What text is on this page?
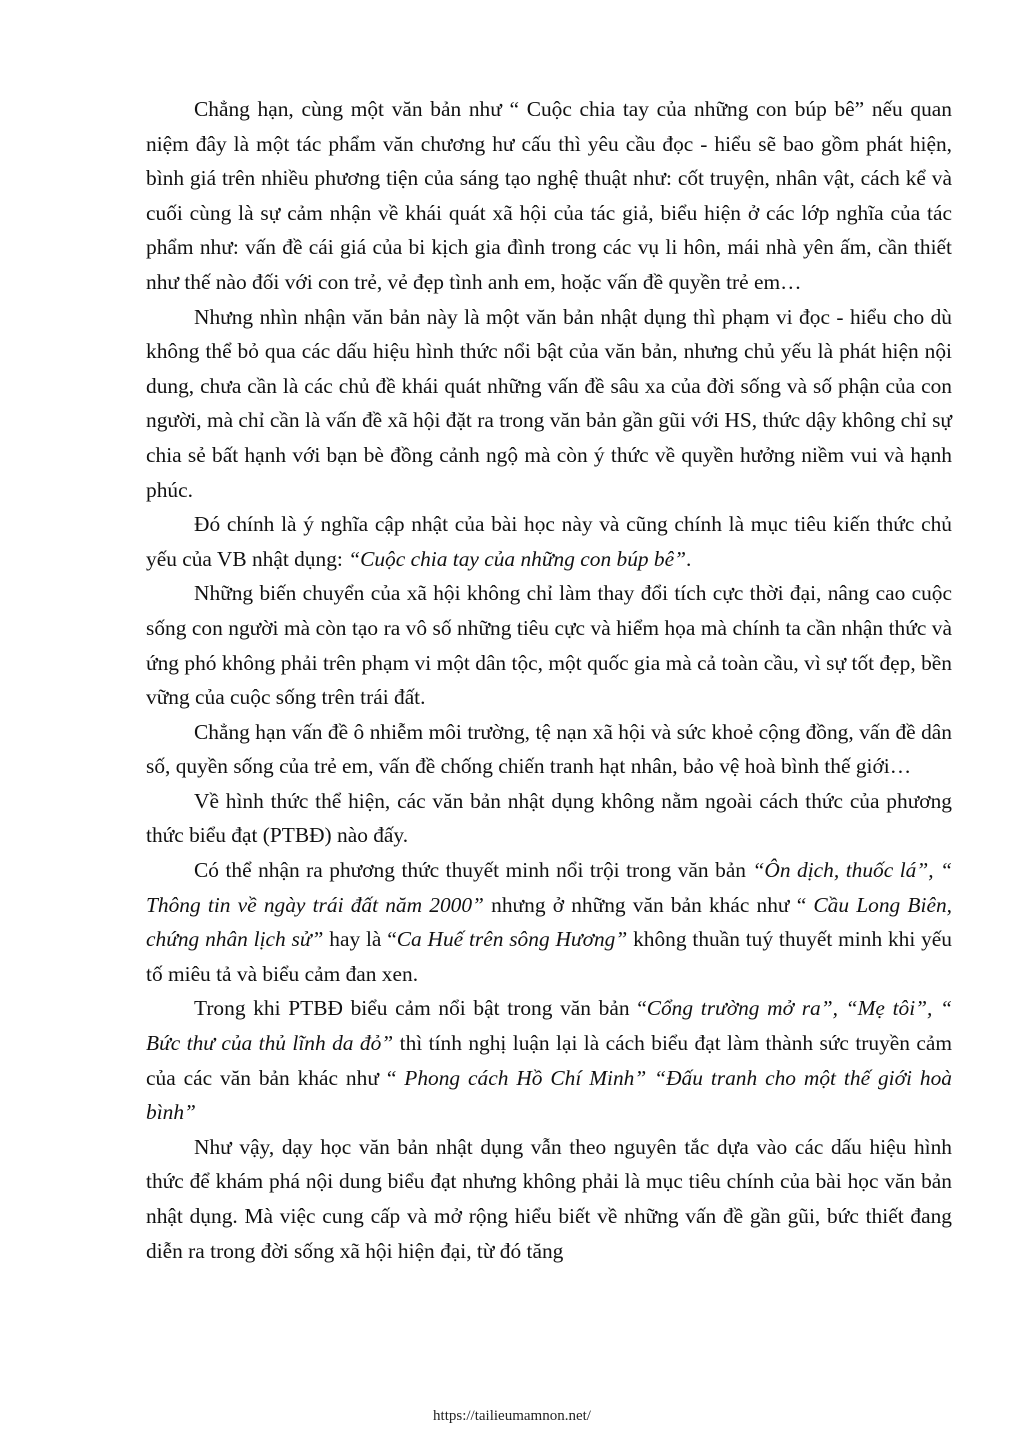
Chẳng hạn, cùng một văn bản như “ Cuộc chia tay của những con búp bê” nếu quan niệm đây là một tác phẩm văn chương hư cấu thì yêu cầu đọc - hiểu sẽ bao gồm phát hiện, bình giá trên nhiều phương tiện của sáng tạo nghệ thuật như: cốt truyện, nhân vật, cách kể và cuối cùng là sự cảm nhận về khái quát xã hội của tác giả, biểu hiện ở các lớp nghĩa của tác phẩm như: vấn đề cái giá của bi kịch gia đình trong các vụ li hôn, mái nhà yên ấm, cần thiết như thế nào đối với con trẻ, vẻ đẹp tình anh em, hoặc vấn đề quyền trẻ em…

Nhưng nhìn nhận văn bản này là một văn bản nhật dụng thì phạm vi đọc - hiểu cho dù không thể bỏ qua các dấu hiệu hình thức nổi bật của văn bản, nhưng chủ yếu là phát hiện nội dung, chưa cần là các chủ đề khái quát những vấn đề sâu xa của đời sống và số phận của con người, mà chỉ cần là vấn đề xã hội đặt ra trong văn bản gần gũi với HS, thức dậy không chỉ sự chia sẻ bất hạnh với bạn bè đồng cảnh ngộ mà còn ý thức về quyền hưởng niềm vui và hạnh phúc.

Đó chính là ý nghĩa cập nhật của bài học này và cũng chính là mục tiêu kiến thức chủ yếu của VB nhật dụng: “Cuộc chia tay của những con búp bê”.

Những biến chuyển của xã hội không chỉ làm thay đổi tích cực thời đại, nâng cao cuộc sống con người mà còn tạo ra vô số những tiêu cực và hiểm họa mà chính ta cần nhận thức và ứng phó không phải trên phạm vi một dân tộc, một quốc gia mà cả toàn cầu, vì sự tốt đẹp, bền vững của cuộc sống trên trái đất.

Chẳng hạn vấn đề ô nhiễm môi trường, tệ nạn xã hội và sức khoẻ cộng đồng, vấn đề dân số, quyền sống của trẻ em, vấn đề chống chiến tranh hạt nhân, bảo vệ hoà bình thế giới…

Về hình thức thể hiện, các văn bản nhật dụng không nằm ngoài cách thức của phương thức biểu đạt (PTBĐ) nào đấy.

Có thể nhận ra phương thức thuyết minh nổi trội trong văn bản “Ôn dịch, thuốc lá”, “ Thông tin về ngày trái đất năm 2000” nhưng ở những văn bản khác như “ Cầu Long Biên, chứng nhân lịch sử” hay là “Ca Huế trên sông Hương” không thuần tuý thuyết minh khi yếu tố miêu tả và biểu cảm đan xen.

Trong khi PTBĐ biểu cảm nổi bật trong văn bản “Cổng trường mở ra”, “Mẹ tôi”, “ Bức thư của thủ lĩnh da đỏ” thì tính nghị luận lại là cách biểu đạt làm thành sức truyền cảm của các văn bản khác như “ Phong cách Hồ Chí Minh” “Đấu tranh cho một thế giới hoà bình”

Như vậy, dạy học văn bản nhật dụng vẫn theo nguyên tắc dựa vào các dấu hiệu hình thức để khám phá nội dung biểu đạt nhưng không phải là mục tiêu chính của bài học văn bản nhật dụng. Mà việc cung cấp và mở rộng hiểu biết về những vấn đề gần gũi, bức thiết đang diễn ra trong đời sống xã hội hiện đại, từ đó tăng

https://tailieumamnon.net/
